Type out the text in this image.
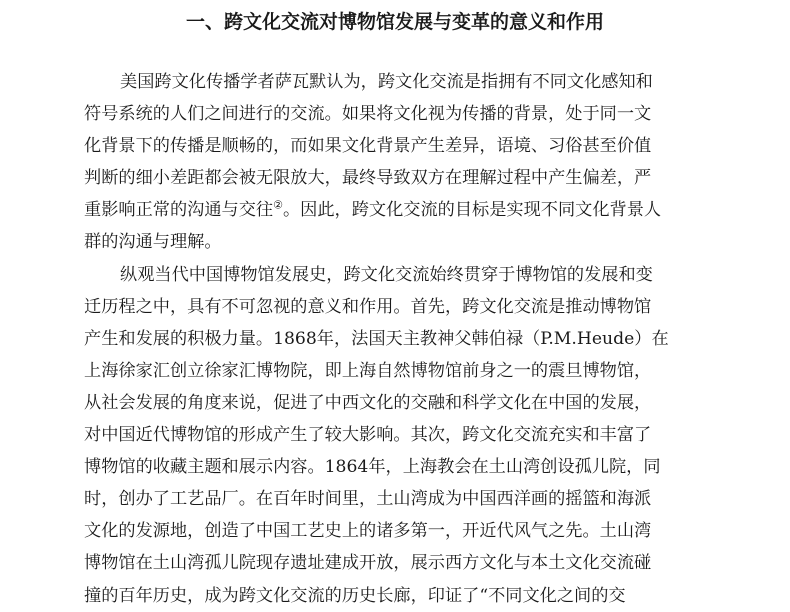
一、跨文化交流对博物馆发展与变革的意义和作用
美国跨文化传播学者萨瓦默认为，跨文化交流是指拥有不同文化感知和
符号系统的人们之间进行的交流。如果将文化视为传播的背景，处于同一文
化背景下的传播是顺畅的，而如果文化背景产生差异，语境、习俗甚至价值
判断的细小差距都会被无限放大，最终导致双方在理解过程中产生偏差，严
重影响正常的沟通与交往②。因此，跨文化交流的目标是实现不同文化背景人
群的沟通与理解。
纵观当代中国博物馆发展史，跨文化交流始终贯穿于博物馆的发展和变
迁历程之中，具有不可忽视的意义和作用。首先，跨文化交流是推动博物馆
产生和发展的积极力量。1868年，法国天主教神父韩伯禄（P.M.Heude）在
上海徐家汇创立徐家汇博物院，即上海自然博物馆前身之一的震旦博物馆，
从社会发展的角度来说，促进了中西文化的交融和科学文化在中国的发展，
对中国近代博物馆的形成产生了较大影响。其次，跨文化交流充实和丰富了
博物馆的收藏主题和展示内容。1864年，上海教会在土山湾创设孤儿院，同
时，创办了工艺品厂。在百年时间里，土山湾成为中国西洋画的摇篮和海派
文化的发源地，创造了中国工艺史上的诸多第一，开近代风气之先。土山湾
博物馆在土山湾孤儿院现存遗址建成开放，展示西方文化与本土文化交流碰
撞的百年历史，成为跨文化交流的历史长廊，印证了“不同文化之间的交
